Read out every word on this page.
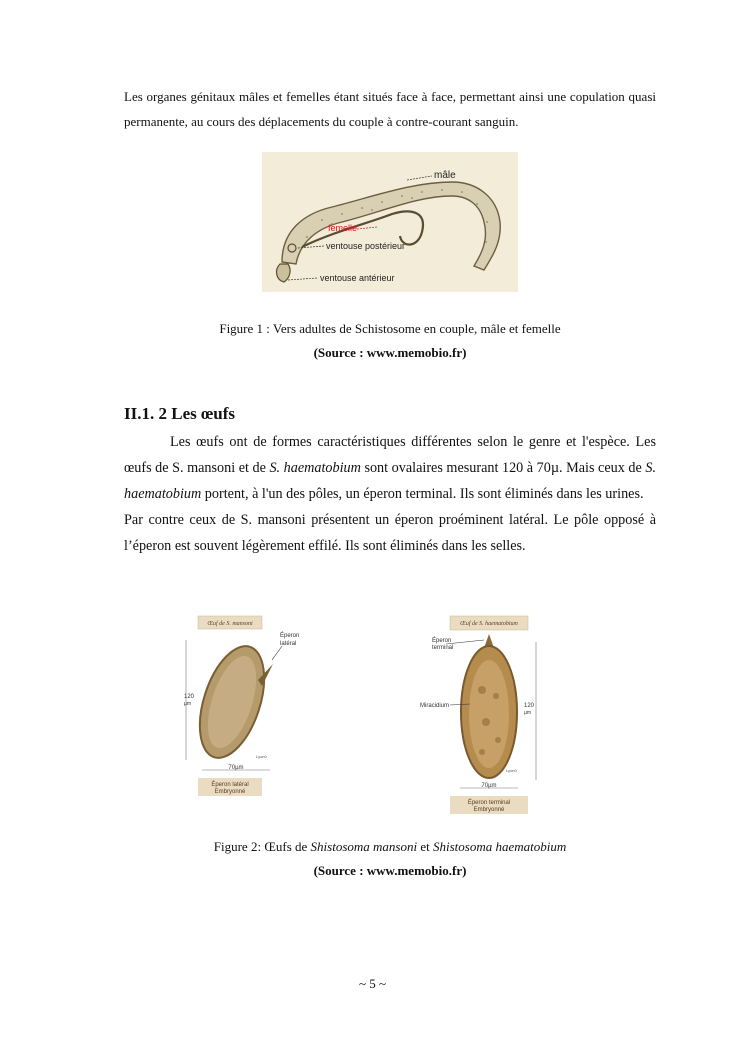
Les organes génitaux mâles et femelles étant situés face à face, permettant ainsi une copulation quasi permanente, au cours des déplacements du couple à contre-courant sanguin.

mâle
femelle
ventouse postérieur
ventouse antérieur

Figure 1 : Vers adultes de Schistosome en couple, mâle et femelle

(Source : www.memobio.fr)

II.1. 2 Les œufs

Les œufs ont de formes caractéristiques différentes selon le genre et l'espèce. Les œufs de S. mansoni et de S. haematobium sont ovalaires mesurant 120 à 70µ. Mais ceux de S. haematobium portent, à l'un des pôles, un éperon terminal. Ils sont éliminés dans les urines.

Par contre ceux de S. mansoni présentent un éperon proéminent latéral. Le pôle opposé à l’éperon est souvent légèrement effilé. Ils sont éliminés dans les selles.

Œuf de S. mansoni
120
µm
Éperon
latéral
Lyon0
70µm
Éperon latéral
Embryonné
Œuf de S. haematobium
Éperon
terminal
Miracidium
Lyon0
120
µm
70µm
Éperon terminal
Embryonné

Figure 2: Œufs de Shistosoma mansoni et Shistosoma haematobium

(Source : www.memobio.fr)

~ 5 ~
